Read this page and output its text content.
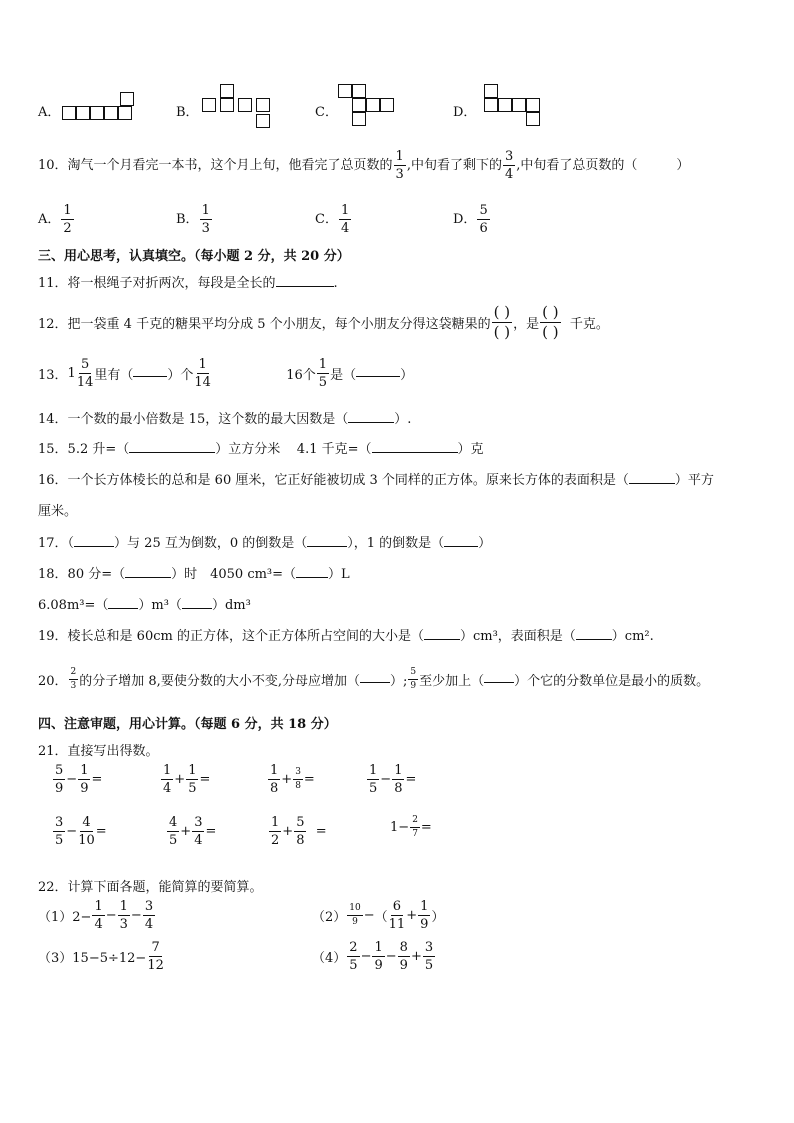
A．	B．	C．	D．
10．淘气一个月看完一本书，这个月上旬，他看完了总页数的 $\frac{1}{3}$ ,中旬看了剩下的 $\frac{3}{4}$ ,中旬看了总页数的（　　　）
A． $\frac{1}{2}$	B． $\frac{1}{3}$	C． $\frac{1}{4}$	D． $\frac{5}{6}$
三、用心思考，认真填空。（每小题 2 分，共 20 分）
11．将一根绳子对折两次，每段是全长的	.
12．把一袋重 4 千克的糖果平均分成 5 个小朋友，每个小朋友分得这袋糖果的 $\frac{( )}{( )}$ ，是 $\frac{( )}{( )}$ 千克。
13．$1 \frac{5}{14}$ 里有（	）个 $\frac{1}{14}$	16个 $\frac{1}{5}$ 是（	）
14．一个数的最小倍数是 15，这个数的最大因数是（	）.
15．5.2 升=（	）立方分米 4.1 千克=（	）克
16．一个长方体棱长的总和是 60 厘米，它正好能被切成 3 个同样的正方体。原来长方体的表面积是（	）平方
厘米。
17．（	）与 25 互为倒数，0 的倒数是（	），1 的倒数是（	）
18．80 分=（	）时　4050 cm³=（ ）L
6.08m³=（ ）m³（ ）dm³
19．棱长总和是 60cm 的正方体，这个正方体所占空间的大小是（	）cm³，表面积是（	）cm².
20． $\frac{2}{3}$ 的分子增加 8,要使分数的大小不变,分母应增加（ ）; $\frac{5}{9}$ 至少加上（ ）个它的分数单位是最小的质数。
四、注意审题，用心计算。（每题 6 分，共 18 分）
21．直接写出得数。
$\frac{5}{9} - \frac{1}{9}$ =	$\frac{1}{4} + \frac{1}{5}$ =	$\frac{1}{8} + \frac{3}{8}$ =	$\frac{1}{5} - \frac{1}{8}$ =
$\frac{3}{5} - \frac{4}{10}$ =	$\frac{4}{5} + \frac{3}{4}$ =	$\frac{1}{2} + \frac{5}{8}$ =	$1- \frac{2}{7}$ =
22．计算下面各题，能简算的要简算。
$(1)2- \frac{1}{4} - \frac{1}{3} - \frac{3}{4}$	$(2) \frac{10}{9}$ −（ $\frac{6}{11} + \frac{1}{9}$ ）
$(3)15-5\div 12- \frac{7}{12}$	$(4) \frac{2}{5} - \frac{1}{9} - \frac{8}{9} + \frac{3}{5}$
